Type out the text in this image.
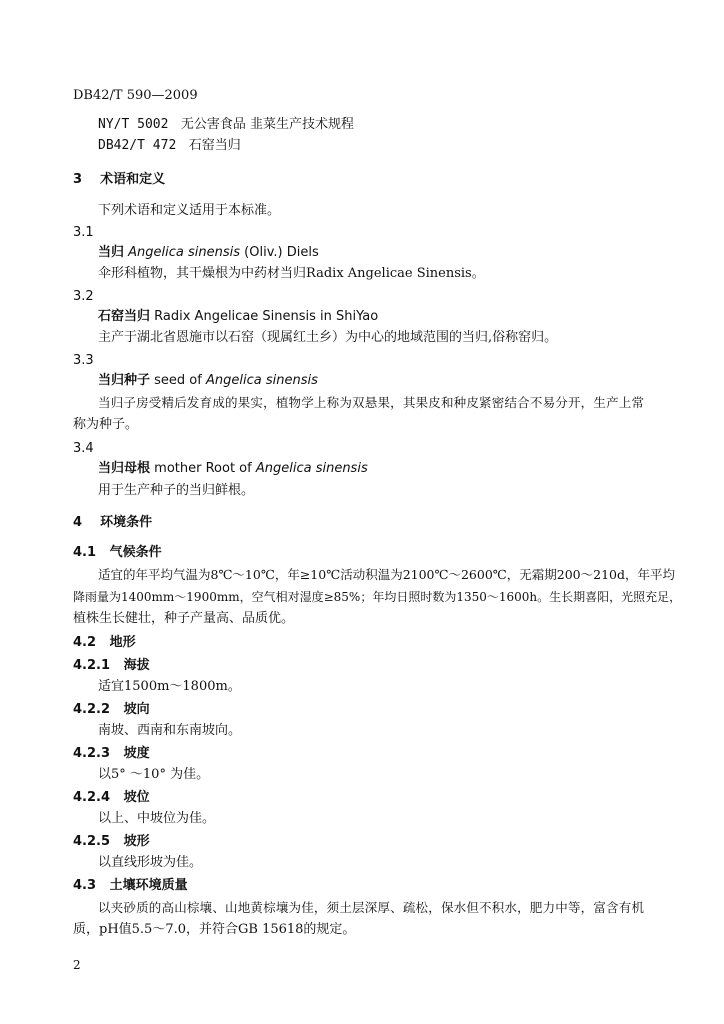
DB42/T 590—2009
NY/T 5002 无公害食品 韭菜生产技术规程
DB42/T 472 石窑当归
3 术语和定义
下列术语和定义适用于本标准。
3.1
当归 Angelica sinensis (Oliv.) Diels
伞形科植物，其干燥根为中药材当归Radix Angelicae Sinensis。
3.2
石窑当归 Radix Angelicae Sinensis in ShiYao
主产于湖北省恩施市以石窑（现属红土乡）为中心的地域范围的当归,俗称窑归。
3.3
当归种子 seed of Angelica sinensis
当归子房受精后发育成的果实，植物学上称为双悬果，其果皮和种皮紧密结合不易分开，生产上常
称为种子。
3.4
当归母根 mother Root of Angelica sinensis
用于生产种子的当归鲜根。
4 环境条件
4.1 气候条件
适宜的年平均气温为8℃～10℃，年≥10℃活动积温为2100℃～2600℃，无霜期200～210d，年平均
降雨量为1400mm～1900mm，空气相对湿度≥85%；年均日照时数为1350～1600h。生长期喜阳，光照充足，
植株生长健壮，种子产量高、品质优。
4.2 地形
4.2.1 海拔
适宜1500m～1800m。
4.2.2 坡向
南坡、西南和东南坡向。
4.2.3 坡度
以5° ～10° 为佳。
4.2.4 坡位
以上、中坡位为佳。
4.2.5 坡形
以直线形坡为佳。
4.3 土壤环境质量
以夹砂质的高山棕壤、山地黄棕壤为佳，须土层深厚、疏松，保水但不积水，肥力中等，富含有机
质，pH值5.5～7.0，并符合GB 15618的规定。
2
